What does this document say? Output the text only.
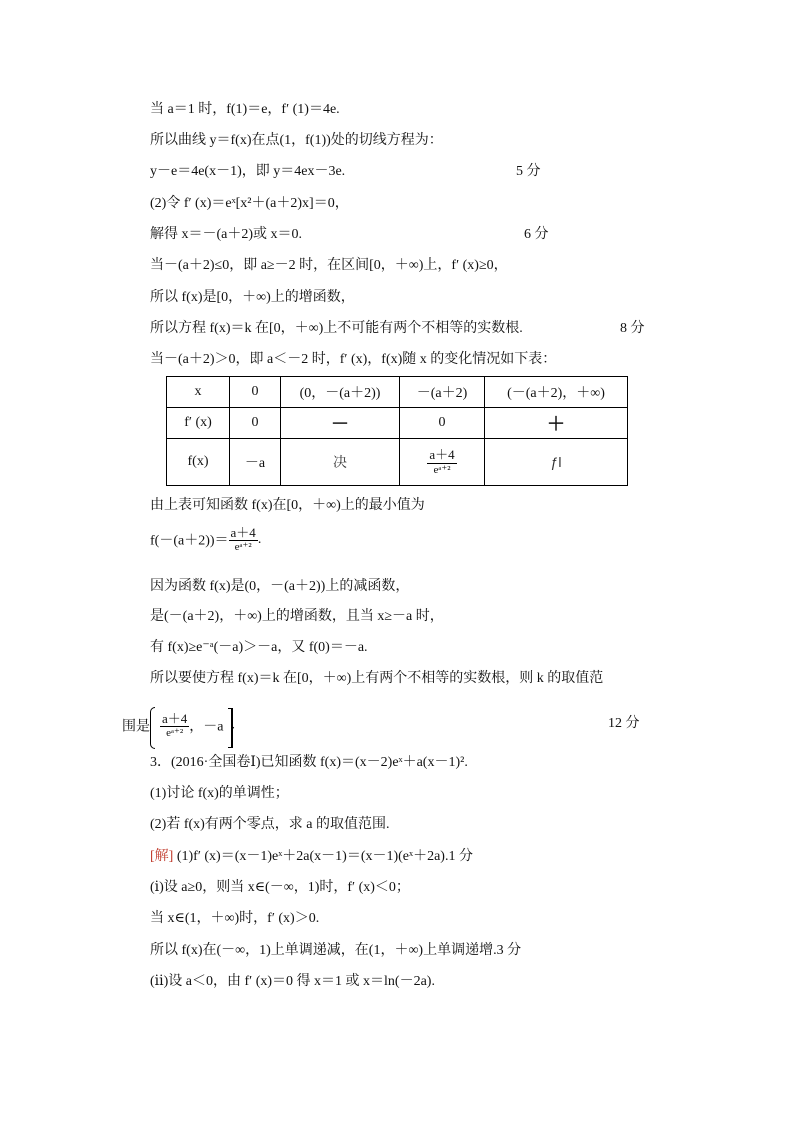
当 a＝1 时，f(1)＝e，f′ (1)＝4e.
所以曲线 y＝f(x)在点(1，f(1))处的切线方程为：
y－e＝4e(x－1)，即 y＝4ex－3e.	5 分
(2)令 f′ (x)＝eˣ[x²＋(a＋2)x]＝0，
解得 x＝－(a＋2)或 x＝0.	6 分
当－(a＋2)≤0，即 a≥－2 时，在区间[0，＋∞)上，f′ (x)≥0，
所以 f(x)是[0，＋∞)上的增函数，
所以方程 f(x)＝k 在[0，＋∞)上不可能有两个不相等的实数根.	8 分
当－(a＋2)＞0，即 a＜－2 时，f′ (x)，f(x)随 x 的变化情况如下表：
x	0	(0，－(a＋2))	－(a＋2)	(－(a＋2)，＋∞)
f′ (x)	0	－	0	＋
f(x)	－a	决	$\frac{a+4}{\text{eᵃ⁺²}}$	ƒl
由上表可知函数 f(x)在[0，＋∞)上的最小值为
$f(-(a+2))= \frac{a+4}{\text{eᵃ⁺²}}$ .
因为函数 f(x)是(0，－(a＋2))上的减函数，
是(－(a＋2)，＋∞)上的增函数，且当 x≥－a 时，
有 f(x)≥e⁻ᵃ(－a)＞－a，又 f(0)＝－a.
所以要使方程 f(x)＝k 在[0，＋∞)上有两个不相等的实数根，则 k 的取值范
围是 $\frac{a+4}{\text{eᵃ⁺²}}$ ，－a .	12 分
3．(2016·全国卷Ⅰ)已知函数 f(x)＝(x－2)eˣ＋a(x－1)².
(1)讨论 f(x)的单调性；
(2)若 f(x)有两个零点，求 a 的取值范围.
[解] (1)f′ (x)＝(x－1)eˣ＋2a(x－1)＝(x－1)(eˣ＋2a).1 分
(ⅰ)设 a≥0，则当 x∈(－∞，1)时，f′ (x)＜0；
当 x∈(1，＋∞)时，f′ (x)＞0.
所以 f(x)在(－∞，1)上单调递减，在(1，＋∞)上单调递增.3 分
(ⅱ)设 a＜0，由 f′ (x)＝0 得 x＝1 或 x＝ln(－2a).
